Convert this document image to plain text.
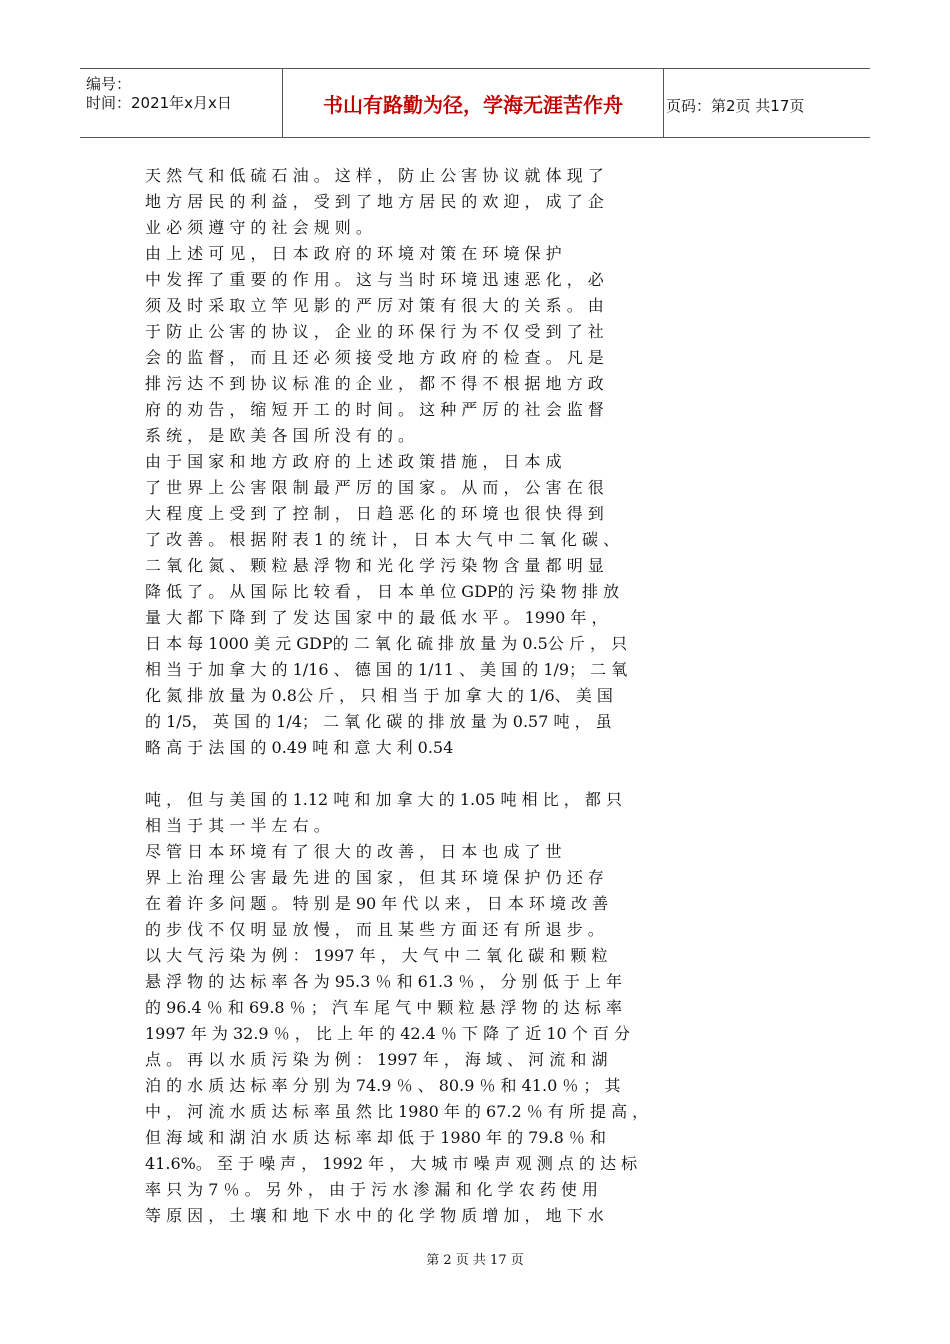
编号：
时间：2021年x月x日	书山有路勤为径，学海无涯苦作舟	页码：第2页 共17页
天 然 气 和 低 硫 石 油 。 这 样 ， 防 止 公 害 协 议 就 体 现 了
地 方 居 民 的 利 益 ， 受 到 了 地 方 居 民 的 欢 迎 ， 成 了 企
业 必 须 遵 守 的 社 会 规 则 。
由 上 述 可 见 ， 日 本 政 府 的 环 境 对 策 在 环 境 保 护
中 发 挥 了 重 要 的 作 用 。 这 与 当 时 环 境 迅 速 恶 化 ， 必
须 及 时 采 取 立 竿 见 影 的 严 厉 对 策 有 很 大 的 关 系 。 由
于 防 止 公 害 的 协 议 ， 企 业 的 环 保 行 为 不 仅 受 到 了 社
会 的 监 督 ， 而 且 还 必 须 接 受 地 方 政 府 的 检 查 。 凡 是
排 污 达 不 到 协 议 标 准 的 企 业 ， 都 不 得 不 根 据 地 方 政
府 的 劝 告 ， 缩 短 开 工 的 时 间 。 这 种 严 厉 的 社 会 监 督
系 统 ， 是 欧 美 各 国 所 没 有 的 。
由 于 国 家 和 地 方 政 府 的 上 述 政 策 措 施 ， 日 本 成
了 世 界 上 公 害 限 制 最 严 厉 的 国 家 。 从 而 ， 公 害 在 很
大 程 度 上 受 到 了 控 制 ， 日 趋 恶 化 的 环 境 也 很 快 得 到
了 改 善 。 根 据 附 表 1 的 统 计 ， 日 本 大 气 中 二 氧 化 碳 、
二 氧 化 氮 、 颗 粒 悬 浮 物 和 光 化 学 污 染 物 含 量 都 明 显
降 低 了 。 从 国 际 比 较 看 ， 日 本 单 位 GDP的 污 染 物 排 放
量 大 都 下 降 到 了 发 达 国 家 中 的 最 低 水 平 。 1990 年 ，
日 本 每 1000 美 元 GDP的 二 氧 化 硫 排 放 量 为 0.5公 斤 ， 只
相 当 于 加 拿 大 的 1/16 、 德 国 的 1/11 、 美 国 的 1/9； 二 氧
化 氮 排 放 量 为 0.8公 斤 ， 只 相 当 于 加 拿 大 的 1/6、 美 国
的 1/5， 英 国 的 1/4； 二 氧 化 碳 的 排 放 量 为 0.57 吨 ， 虽
略 高 于 法 国 的 0.49 吨 和 意 大 利 0.54
吨 ， 但 与 美 国 的 1.12 吨 和 加 拿 大 的 1.05 吨 相 比 ， 都 只
相 当 于 其 一 半 左 右 。
尽 管 日 本 环 境 有 了 很 大 的 改 善 ， 日 本 也 成 了 世
界 上 治 理 公 害 最 先 进 的 国 家 ， 但 其 环 境 保 护 仍 还 存
在 着 许 多 问 题 。 特 别 是 90 年 代 以 来 ， 日 本 环 境 改 善
的 步 伐 不 仅 明 显 放 慢 ， 而 且 某 些 方 面 还 有 所 退 步 。
以 大 气 污 染 为 例 ： 1997 年 ， 大 气 中 二 氧 化 碳 和 颗 粒
悬 浮 物 的 达 标 率 各 为 95.3 ％ 和 61.3 ％ ， 分 别 低 于 上 年
的 96.4 ％ 和 69.8 ％ ； 汽 车 尾 气 中 颗 粒 悬 浮 物 的 达 标 率
1997 年 为 32.9 ％ ， 比 上 年 的 42.4 ％ 下 降 了 近 10 个 百 分
点 。 再 以 水 质 污 染 为 例 ： 1997 年 ， 海 域 、 河 流 和 湖
泊 的 水 质 达 标 率 分 别 为 74.9 ％ 、 80.9 ％ 和 41.0 ％ ； 其
中 ， 河 流 水 质 达 标 率 虽 然 比 1980 年 的 67.2 ％ 有 所 提 高 ，
但 海 域 和 湖 泊 水 质 达 标 率 却 低 于 1980 年 的 79.8 ％ 和
41.6%。 至 于 噪 声 ， 1992 年 ， 大 城 市 噪 声 观 测 点 的 达 标
率 只 为 7 ％ 。 另 外 ， 由 于 污 水 渗 漏 和 化 学 农 药 使 用
等 原 因 ， 土 壤 和 地 下 水 中 的 化 学 物 质 增 加 ， 地 下 水
第 2 页 共 17 页
